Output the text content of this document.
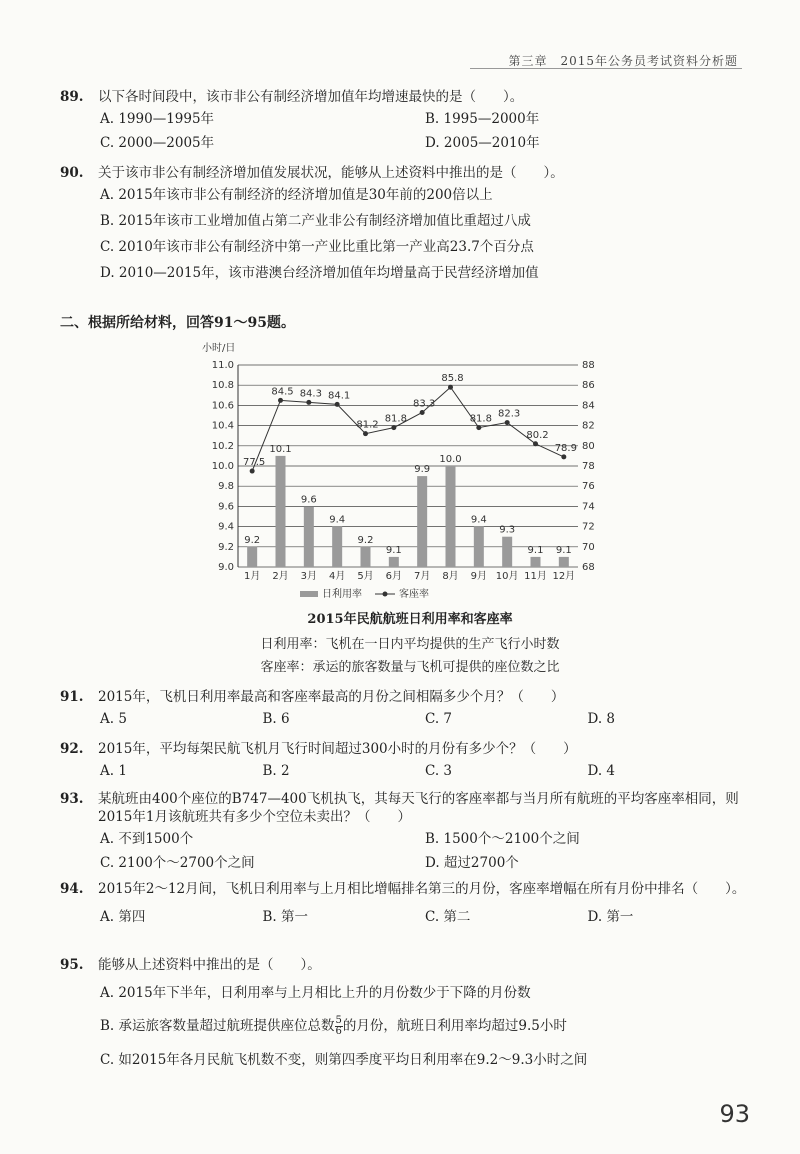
第三章　2015年公务员考试资料分析题
89.	以下各时间段中，该市非公有制经济增加值年均增速最快的是（　　）。
A. 1990—1995年	B. 1995—2000年
C. 2000—2005年	D. 2005—2010年
90.	关于该市非公有制经济增加值发展状况，能够从上述资料中推出的是（　　）。
A. 2015年该市非公有制经济的经济增加值是30年前的200倍以上
B. 2015年该市工业增加值占第二产业非公有制经济增加值比重超过八成
C. 2010年该市非公有制经济中第一产业比重比第一产业高23.7个百分点
D. 2010—2015年，该市港澳台经济增加值年均增量高于民营经济增加值
二、根据所给材料，回答91～95题。
小时/日
9.0
9.2
9.4
9.6
9.8
10.0
10.2
10.4
10.6
10.8
11.0
68
70
72
74
76
78
80
82
84
86
88
9.2
1月
10.1
2月
9.6
3月
9.4
4月
9.2
5月
9.1
6月
9.9
7月
10.0
8月
9.4
9月
9.3
10月
9.1
11月
9.1
12月
77.5
84.5 84.3 84.1
81.2
81.8
83.3
85.8
81.8 82.3
80.2
78.9
日利用率	客座率
2015年民航航班日利用率和客座率
日利用率：飞机在一日内平均提供的生产飞行小时数
客座率：承运的旅客数量与飞机可提供的座位数之比
91.	2015年，飞机日利用率最高和客座率最高的月份之间相隔多少个月？（　　）
A. 5	B. 6	C. 7	D. 8
92.	2015年，平均每架民航飞机月飞行时间超过300小时的月份有多少个？（　　）
A. 1	B. 2	C. 3	D. 4
93.	某航班由400个座位的B747—400飞机执飞，其每天飞行的客座率都与当月所有航班的平均客座率相同，则2015年1月该航班共有多少个空位未卖出？（　　）
A. 不到1500个	B. 1500个～2100个之间
C. 2100个～2700个之间	D. 超过2700个
94.	2015年2～12月间，飞机日利用率与上月相比增幅排名第三的月份，客座率增幅在所有月份中排名（　　）。
A. 第四	B. 第一	C. 第二	D. 第一
95.	能够从上述资料中推出的是（　　）。
A. 2015年下半年，日利用率与上月相比上升的月份数少于下降的月份数
B. 承运旅客数量超过航班提供座位总数 $\frac{5}{6}$ 的月份，航班日利用率均超过9.5小时
C. 如2015年各月民航飞机数不变，则第四季度平均日利用率在9.2～9.3小时之间
93
